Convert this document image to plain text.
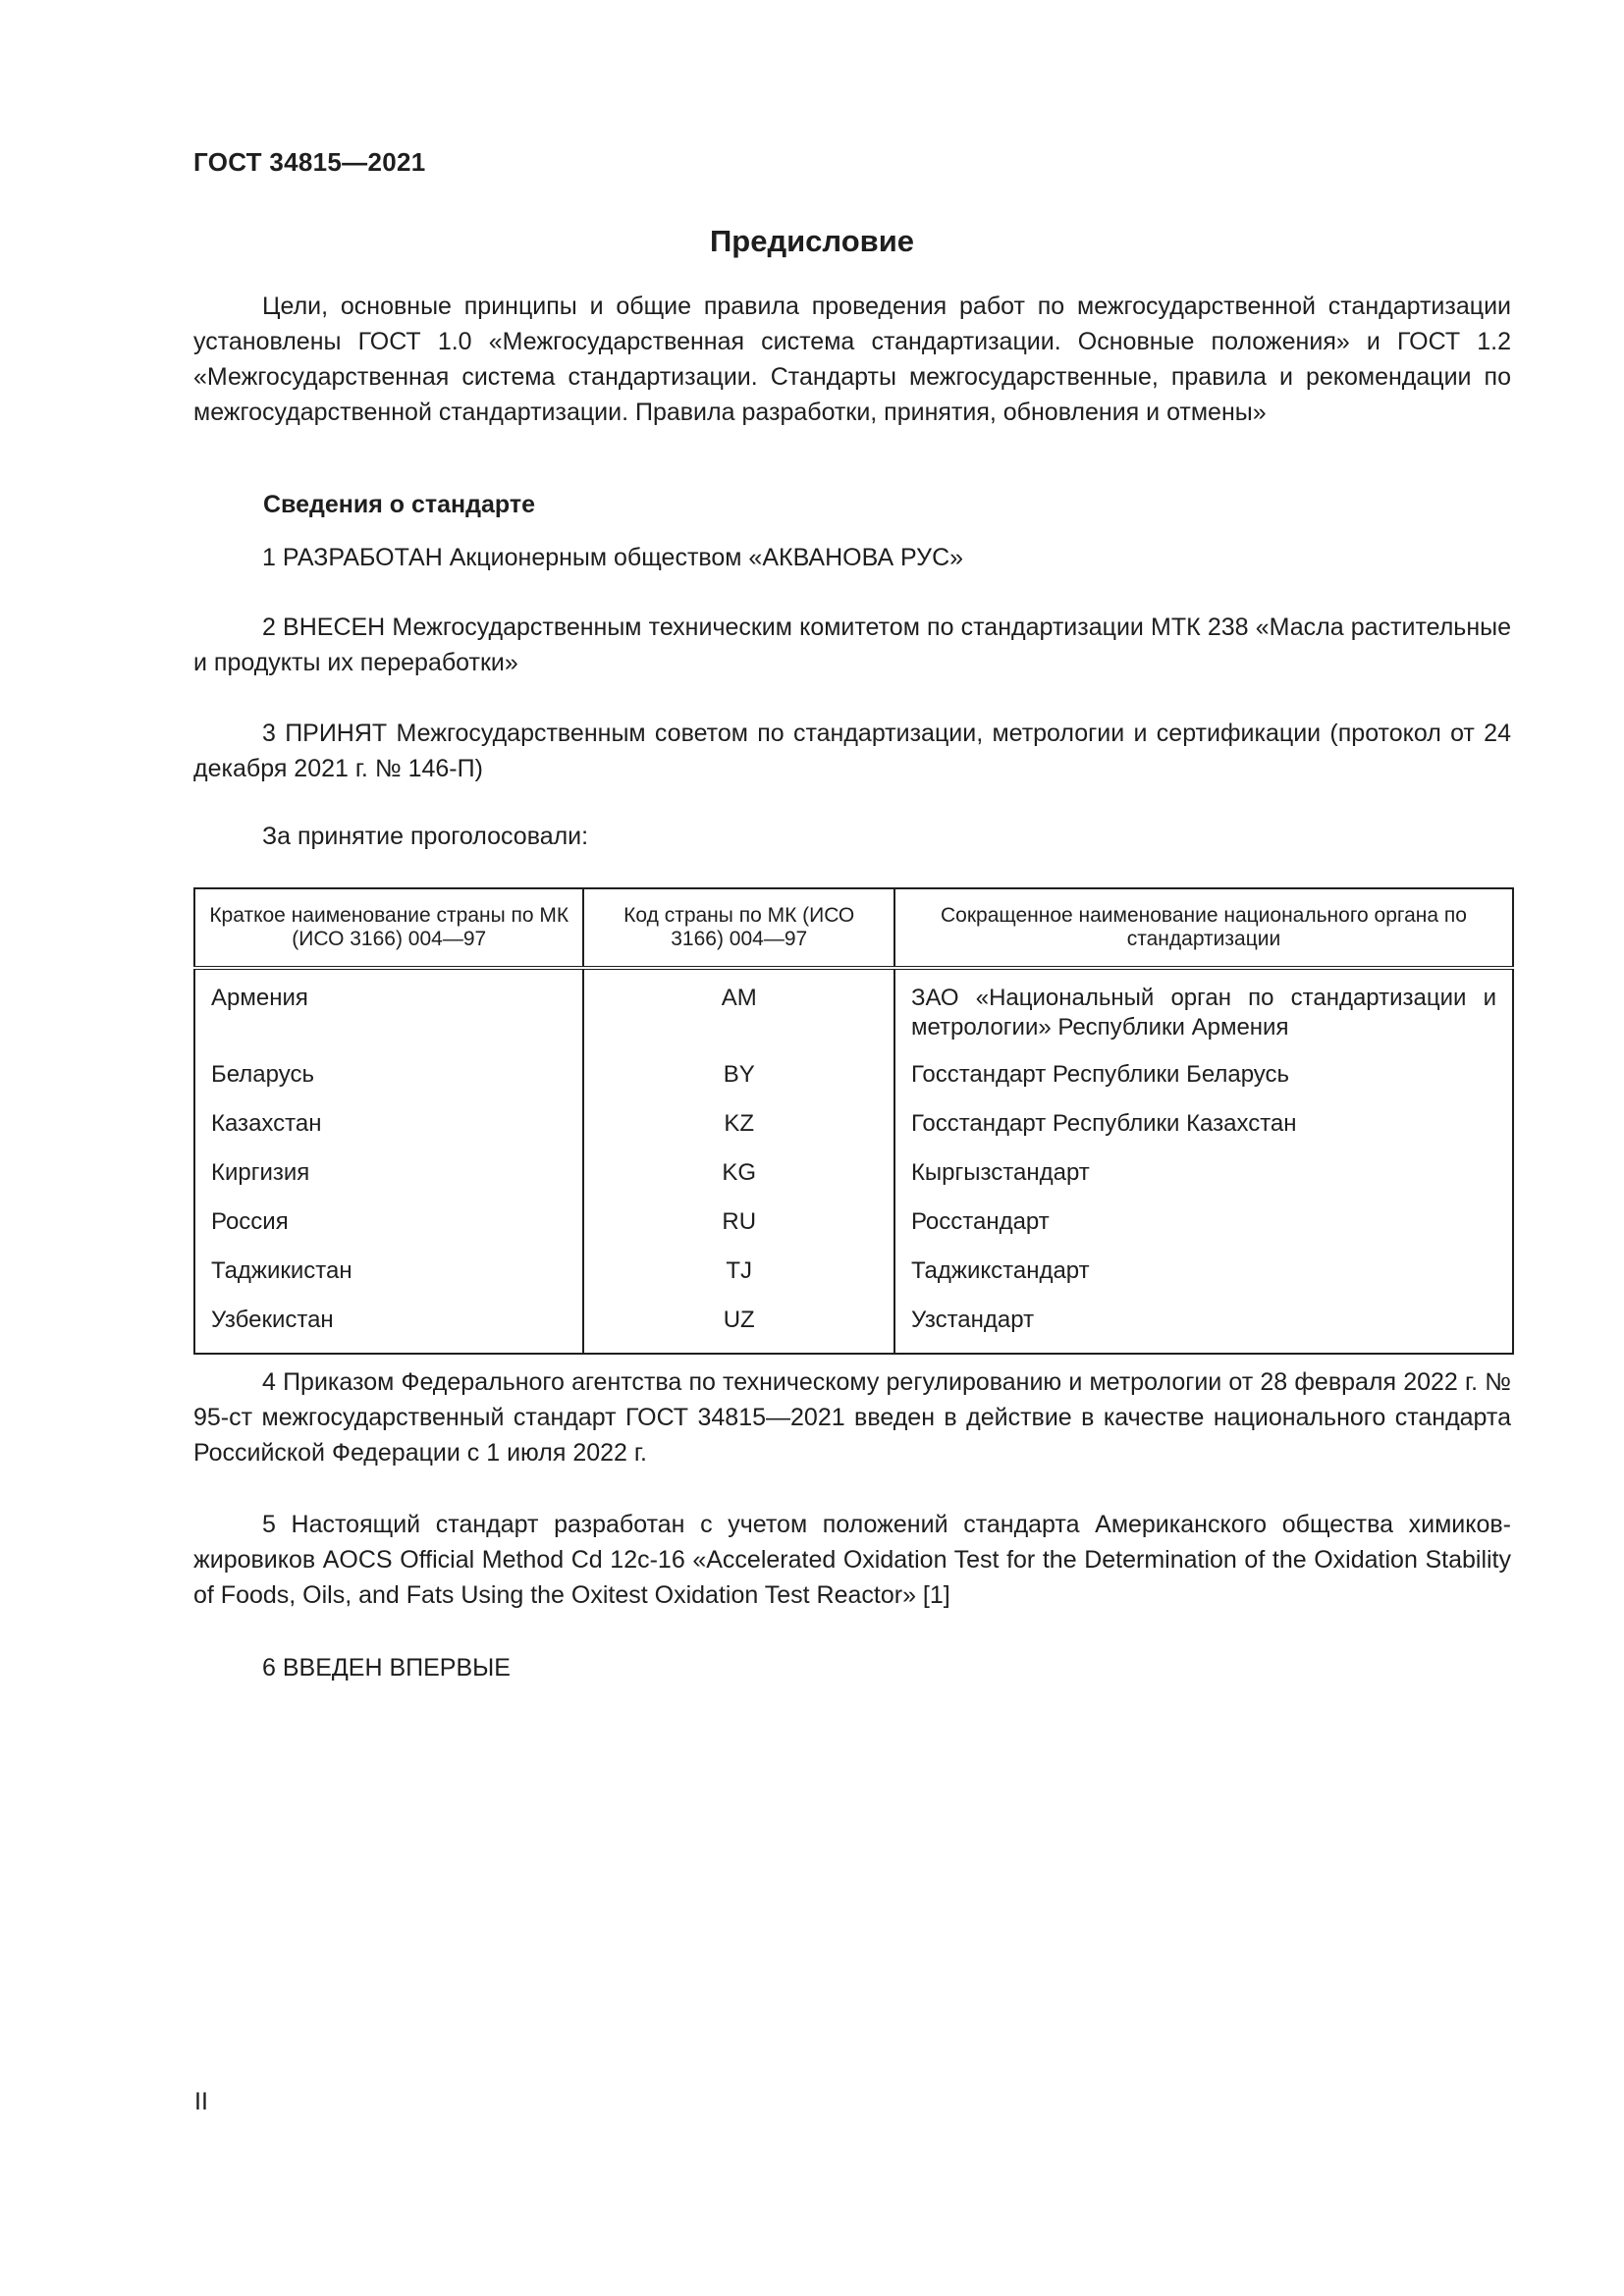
ГОСТ 34815—2021
Предисловие
Цели, основные принципы и общие правила проведения работ по межгосударственной стандартизации установлены ГОСТ 1.0 «Межгосударственная система стандартизации. Основные положения» и ГОСТ 1.2 «Межгосударственная система стандартизации. Стандарты межгосударственные, правила и рекомендации по межгосударственной стандартизации. Правила разработки, принятия, обновления и отмены»
Сведения о стандарте
1 РАЗРАБОТАН Акционерным обществом «АКВАНОВА РУС»
2 ВНЕСЕН Межгосударственным техническим комитетом по стандартизации МТК 238 «Масла растительные и продукты их переработки»
3 ПРИНЯТ Межгосударственным советом по стандартизации, метрологии и сертификации (протокол от 24 декабря 2021 г. № 146-П)
За принятие проголосовали:
Краткое наименование страны по МК (ИСО 3166) 004—97	Код страны по МК (ИСО 3166) 004—97	Сокращенное наименование национального органа по стандартизации
Армения	AM	ЗАО «Национальный орган по стандартизации и метрологии» Республики Армения
Беларусь	BY	Госстандарт Республики Беларусь
Казахстан	KZ	Госстандарт Республики Казахстан
Киргизия	KG	Кыргызстандарт
Россия	RU	Росстандарт
Таджикистан	TJ	Таджикстандарт
Узбекистан	UZ	Узстандарт
4 Приказом Федерального агентства по техническому регулированию и метрологии от 28 февраля 2022 г. № 95-ст межгосударственный стандарт ГОСТ 34815—2021 введен в действие в качестве национального стандарта Российской Федерации с 1 июля 2022 г.
5 Настоящий стандарт разработан с учетом положений стандарта Американского общества химиков-жировиков AOCS Official Method Cd 12c-16 «Accelerated Oxidation Test for the Determination of the Oxidation Stability of Foods, Oils, and Fats Using the Oxitest Oxidation Test Reactor» [1]
6 ВВЕДЕН ВПЕРВЫЕ
II
